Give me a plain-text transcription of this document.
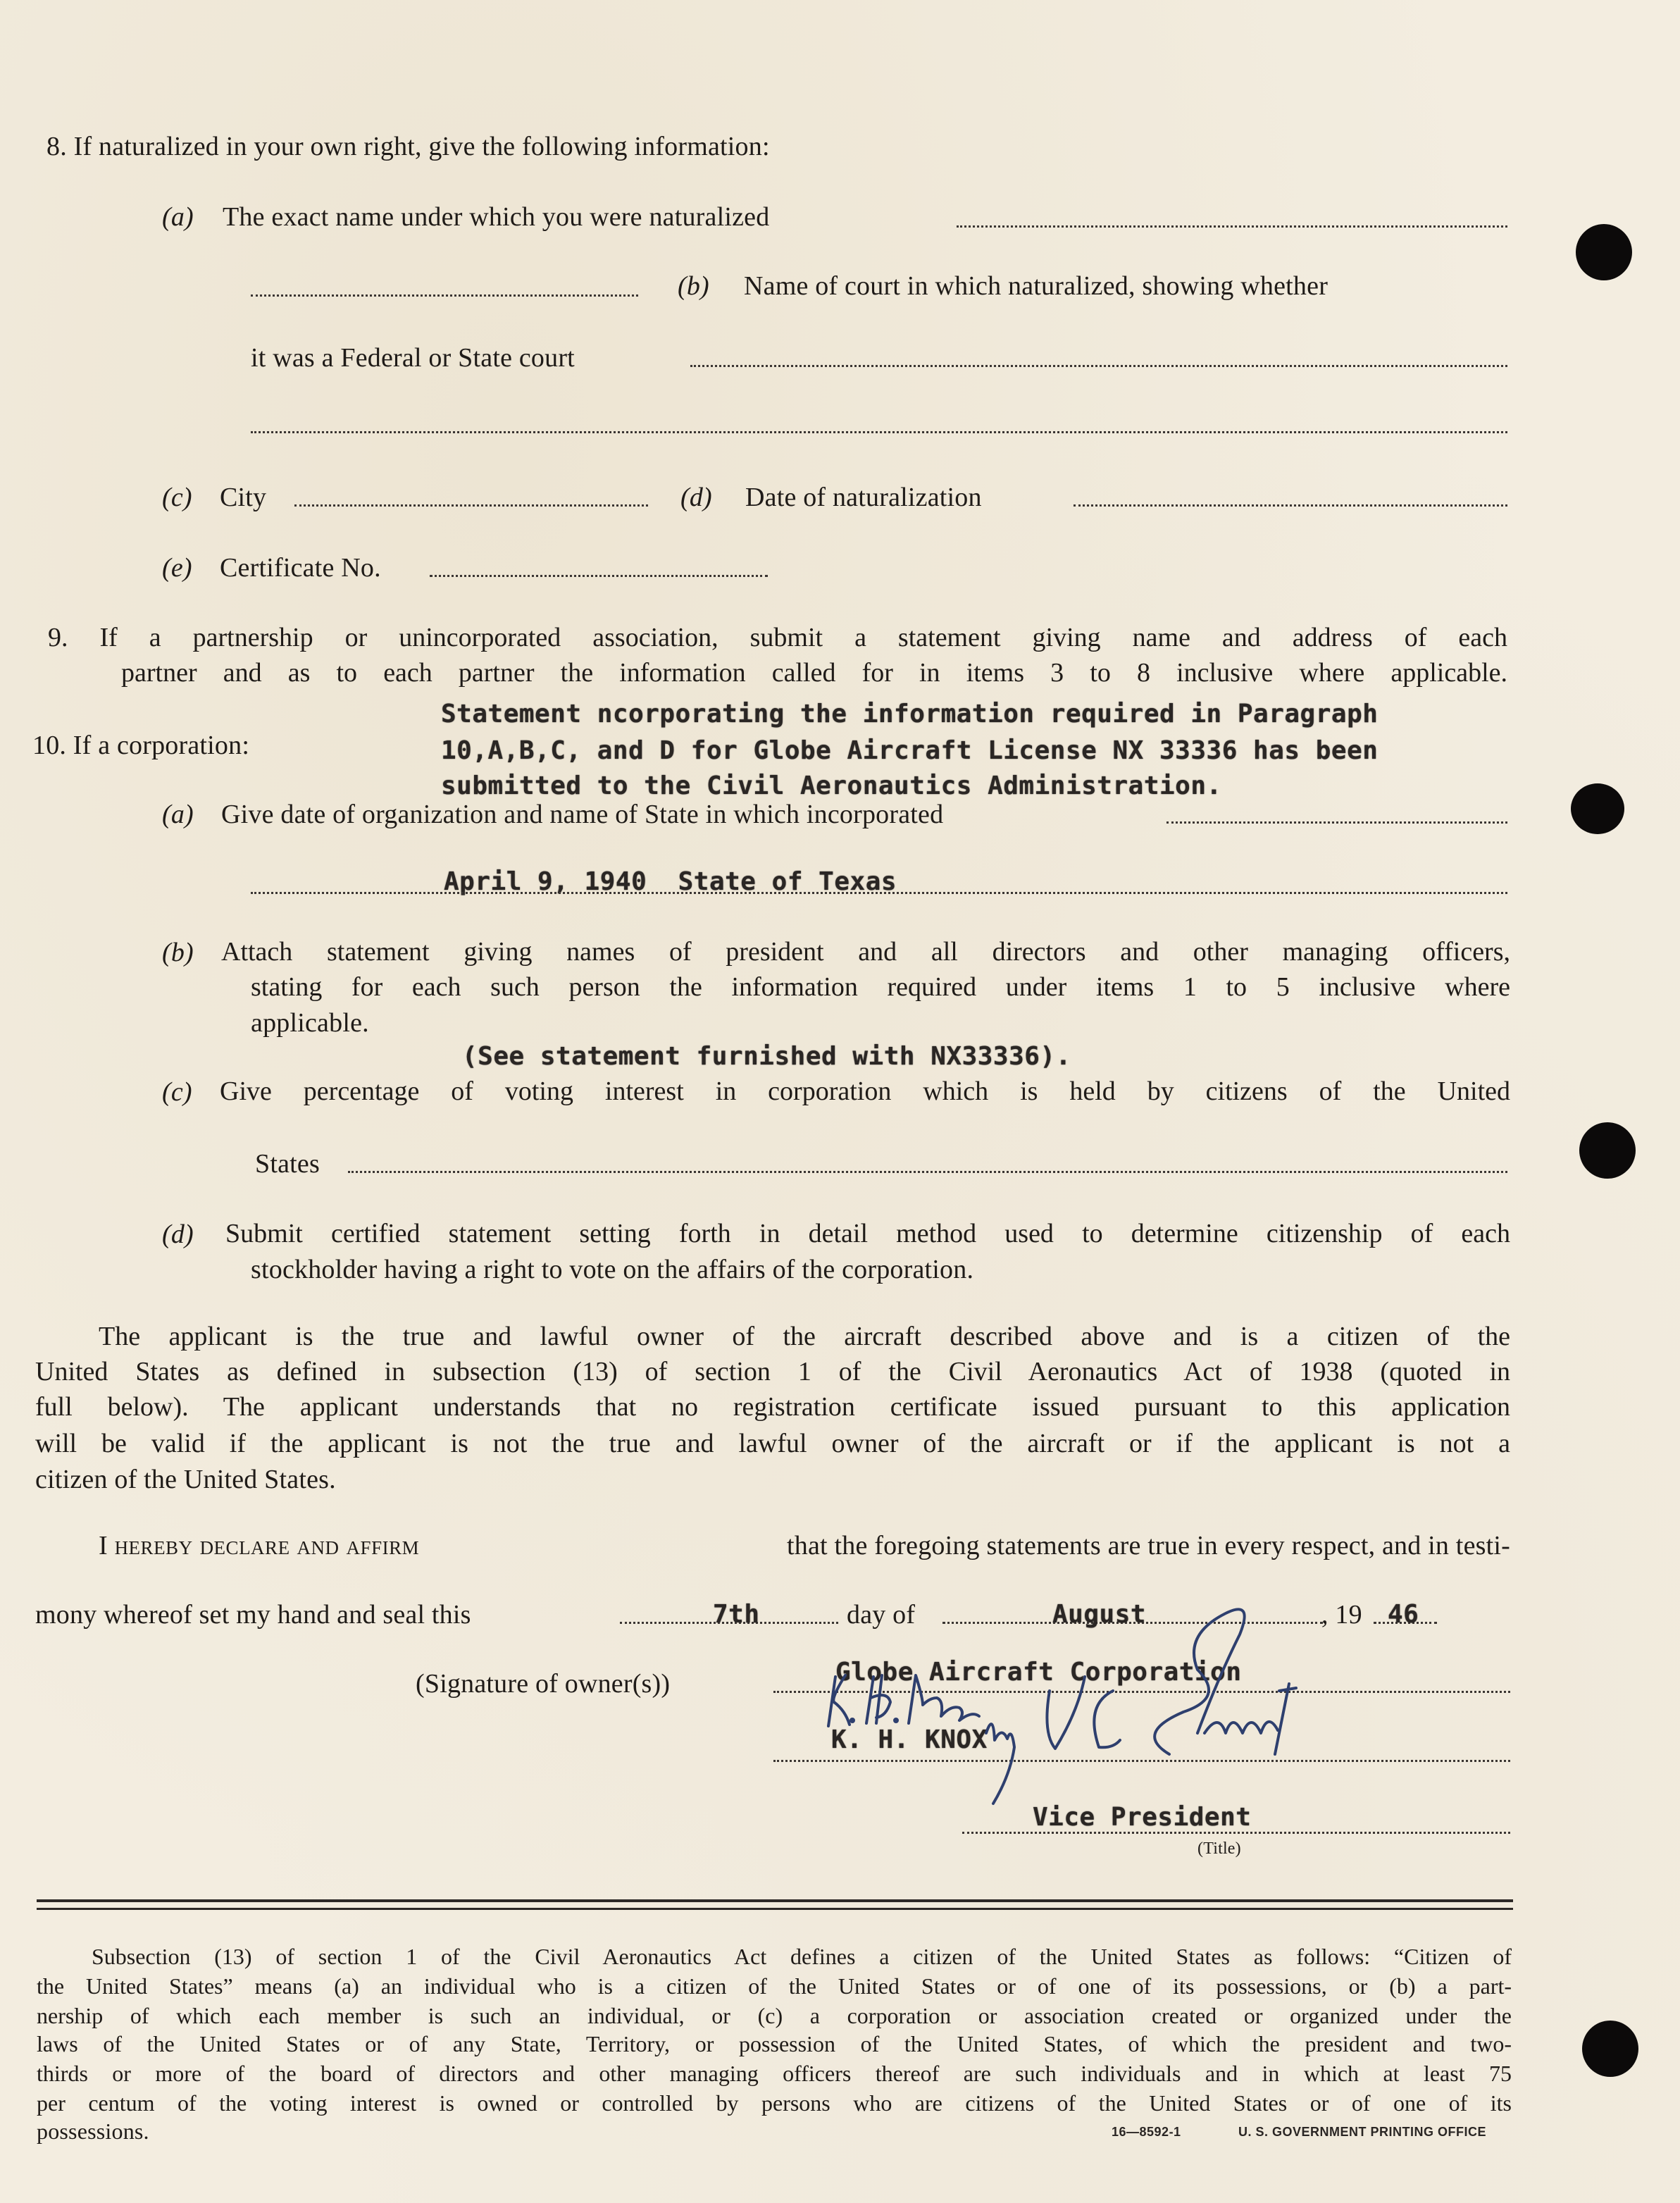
8. If naturalized in your own right, give the following information:
(a) The exact name under which you were naturalized
(b) Name of court in which naturalized, showing whether
it was a Federal or State court
(c) City	(d) Date of naturalization
(e) Certificate No.
9. If a partnership or unincorporated association, submit a statement giving name and address of each
partner and as to each partner the information called for in items 3 to 8 inclusive where applicable.
Statement ncorporating the information required in Paragraph
10. If a corporation:	10,A,B,C, and D for Globe Aircraft License NX 33336 has been
submitted to the Civil Aeronautics Administration.
(a) Give date of organization and name of State in which incorporated
April 9, 1940  State of Texas
(b) Attach statement giving names of president and all directors and other managing officers,
stating for each such person the information required under items 1 to 5 inclusive where
applicable.
(See statement furnished with NX33336).
(c) Give percentage of voting interest in corporation which is held by citizens of the United
States
(d) Submit certified statement setting forth in detail method used to determine citizenship of each
stockholder having a right to vote on the affairs of the corporation.
The applicant is the true and lawful owner of the aircraft described above and is a citizen of the
United States as defined in subsection (13) of section 1 of the Civil Aeronautics Act of 1938 (quoted in
full below). The applicant understands that no registration certificate issued pursuant to this application
will be valid if the applicant is not the true and lawful owner of the aircraft or if the applicant is not a
citizen of the United States.
I hereby declare and affirm	that the foregoing statements are true in every respect, and in testi-
mony whereof set my hand and seal this	7th	day of	August	, 19 46
(Signature of owner(s))	Globe Aircraft Corporation
K. H. KNOX
Vice President
(Title)
Subsection (13) of section 1 of the Civil Aeronautics Act defines a citizen of the United States as follows: “Citizen of
the United States” means (a) an individual who is a citizen of the United States or of one of its possessions, or (b) a part-
nership of which each member is such an individual, or (c) a corporation or association created or organized under the
laws of the United States or of any State, Territory, or possession of the United States, of which the president and two-
thirds or more of the board of directors and other managing officers thereof are such individuals and in which at least 75
per centum of the voting interest is owned or controlled by persons who are citizens of the United States or of one of its
possessions.	16—8592-1	U. S. GOVERNMENT PRINTING OFFICE
